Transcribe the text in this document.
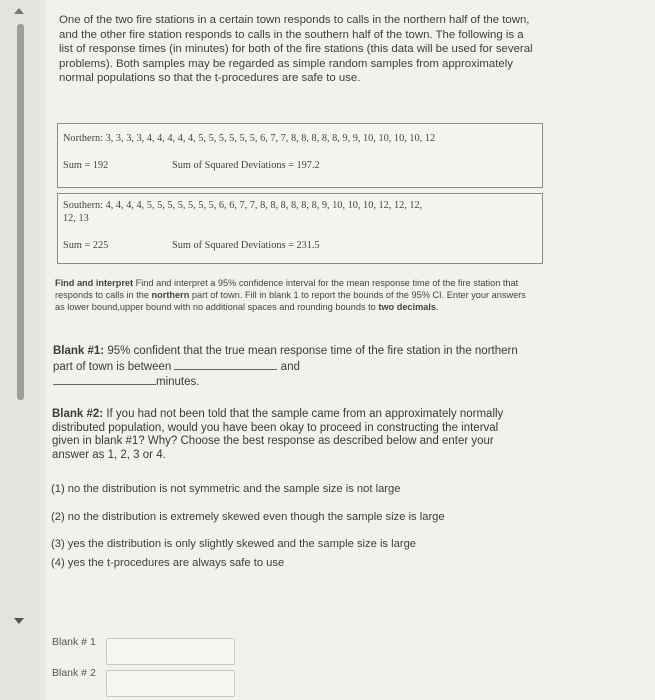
One of the two fire stations in a certain town responds to calls in the northern half of the town, and the other fire station responds to calls in the southern half of the town. The following is a list of response times (in minutes) for both of the fire stations (this data will be used for several problems). Both samples may be regarded as simple random samples from approximately normal populations so that the t-procedures are safe to use.
Northern: 3, 3, 3, 3, 4, 4, 4, 4, 4, 5, 5, 5, 5, 5, 5, 6, 7, 7, 8, 8, 8, 8, 8, 9, 9, 10, 10, 10, 10, 12
Sum = 192	Sum of Squared Deviations = 197.2
Southern: 4, 4, 4, 4, 5, 5, 5, 5, 5, 5, 5, 6, 6, 7, 7, 8, 8, 8, 8, 8, 8, 9, 10, 10, 10, 12, 12, 12,
12, 13
Sum = 225	Sum of Squared Deviations = 231.5
Find and interpret Find and interpret a 95% confidence interval for the mean response time of the fire station that responds to calls in the northern part of town. Fill in blank 1 to report the bounds of the 95% CI. Enter your answers as lower bound,upper bound with no additional spaces and rounding bounds to two decimals.
Blank #1: 95% confident that the true mean response time of the fire station in the northern part of town is between	and
minutes.
Blank #2: If you had not been told that the sample came from an approximately normally distributed population, would you have been okay to proceed in constructing the interval given in blank #1? Why? Choose the best response as described below and enter your answer as 1, 2, 3 or 4.
(1) no the distribution is not symmetric and the sample size is not large
(2) no the distribution is extremely skewed even though the sample size is large
(3) yes the distribution is only slightly skewed and the sample size is large
(4) yes the t-procedures are always safe to use
Blank # 1
Blank # 2
